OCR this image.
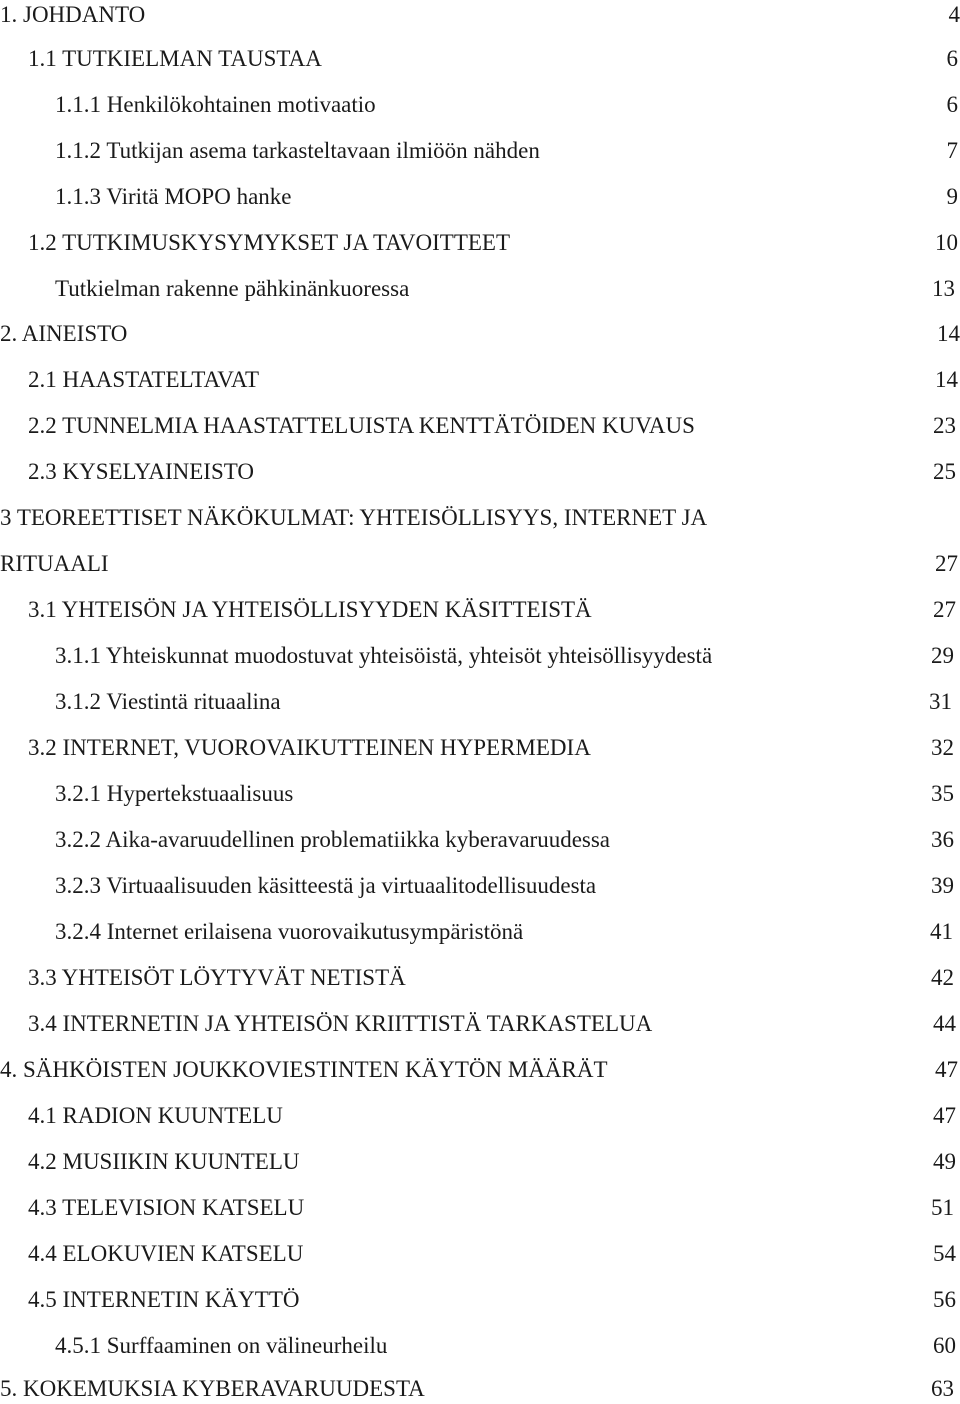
1. JOHDANTO	4
1.1 TUTKIELMAN TAUSTAA	6
1.1.1 Henkilökohtainen motivaatio	6
1.1.2 Tutkijan asema tarkasteltavaan ilmiöön nähden	7
1.1.3 Viritä MOPO hanke	9
1.2 TUTKIMUSKYSYMYKSET JA TAVOITTEET	10
Tutkielman rakenne pähkinänkuoressa	13
2. AINEISTO	14
2.1 HAASTATELTAVAT	14
2.2 TUNNELMIA HAASTATTELUISTA KENTTÄTÖIDEN KUVAUS	23
2.3 KYSELYAINEISTO	25
3 TEOREETTISET NÄKÖKULMAT: YHTEISÖLLISYYS, INTERNET JA
RITUAALI	27
3.1 YHTEISÖN JA YHTEISÖLLISYYDEN KÄSITTEISTÄ	27
3.1.1 Yhteiskunnat muodostuvat yhteisöistä, yhteisöt yhteisöllisyydestä	29
3.1.2 Viestintä rituaalina	31
3.2 INTERNET, VUOROVAIKUTTEINEN HYPERMEDIA	32
3.2.1 Hypertekstuaalisuus	35
3.2.2 Aika-avaruudellinen problematiikka kyberavaruudessa	36
3.2.3 Virtuaalisuuden käsitteestä ja virtuaalitodellisuudesta	39
3.2.4 Internet erilaisena vuorovaikutusympäristönä	41
3.3 YHTEISÖT LÖYTYVÄT NETISTÄ	42
3.4 INTERNETIN JA YHTEISÖN KRIITTISTÄ TARKASTELUA	44
4. SÄHKÖISTEN JOUKKOVIESTINTEN KÄYTÖN MÄÄRÄT	47
4.1 RADION KUUNTELU	47
4.2 MUSIIKIN KUUNTELU	49
4.3 TELEVISION KATSELU	51
4.4 ELOKUVIEN KATSELU	54
4.5 INTERNETIN KÄYTTÖ	56
4.5.1 Surffaaminen on välineurheilu	60
5. KOKEMUKSIA KYBERAVARUUDESTA	63
